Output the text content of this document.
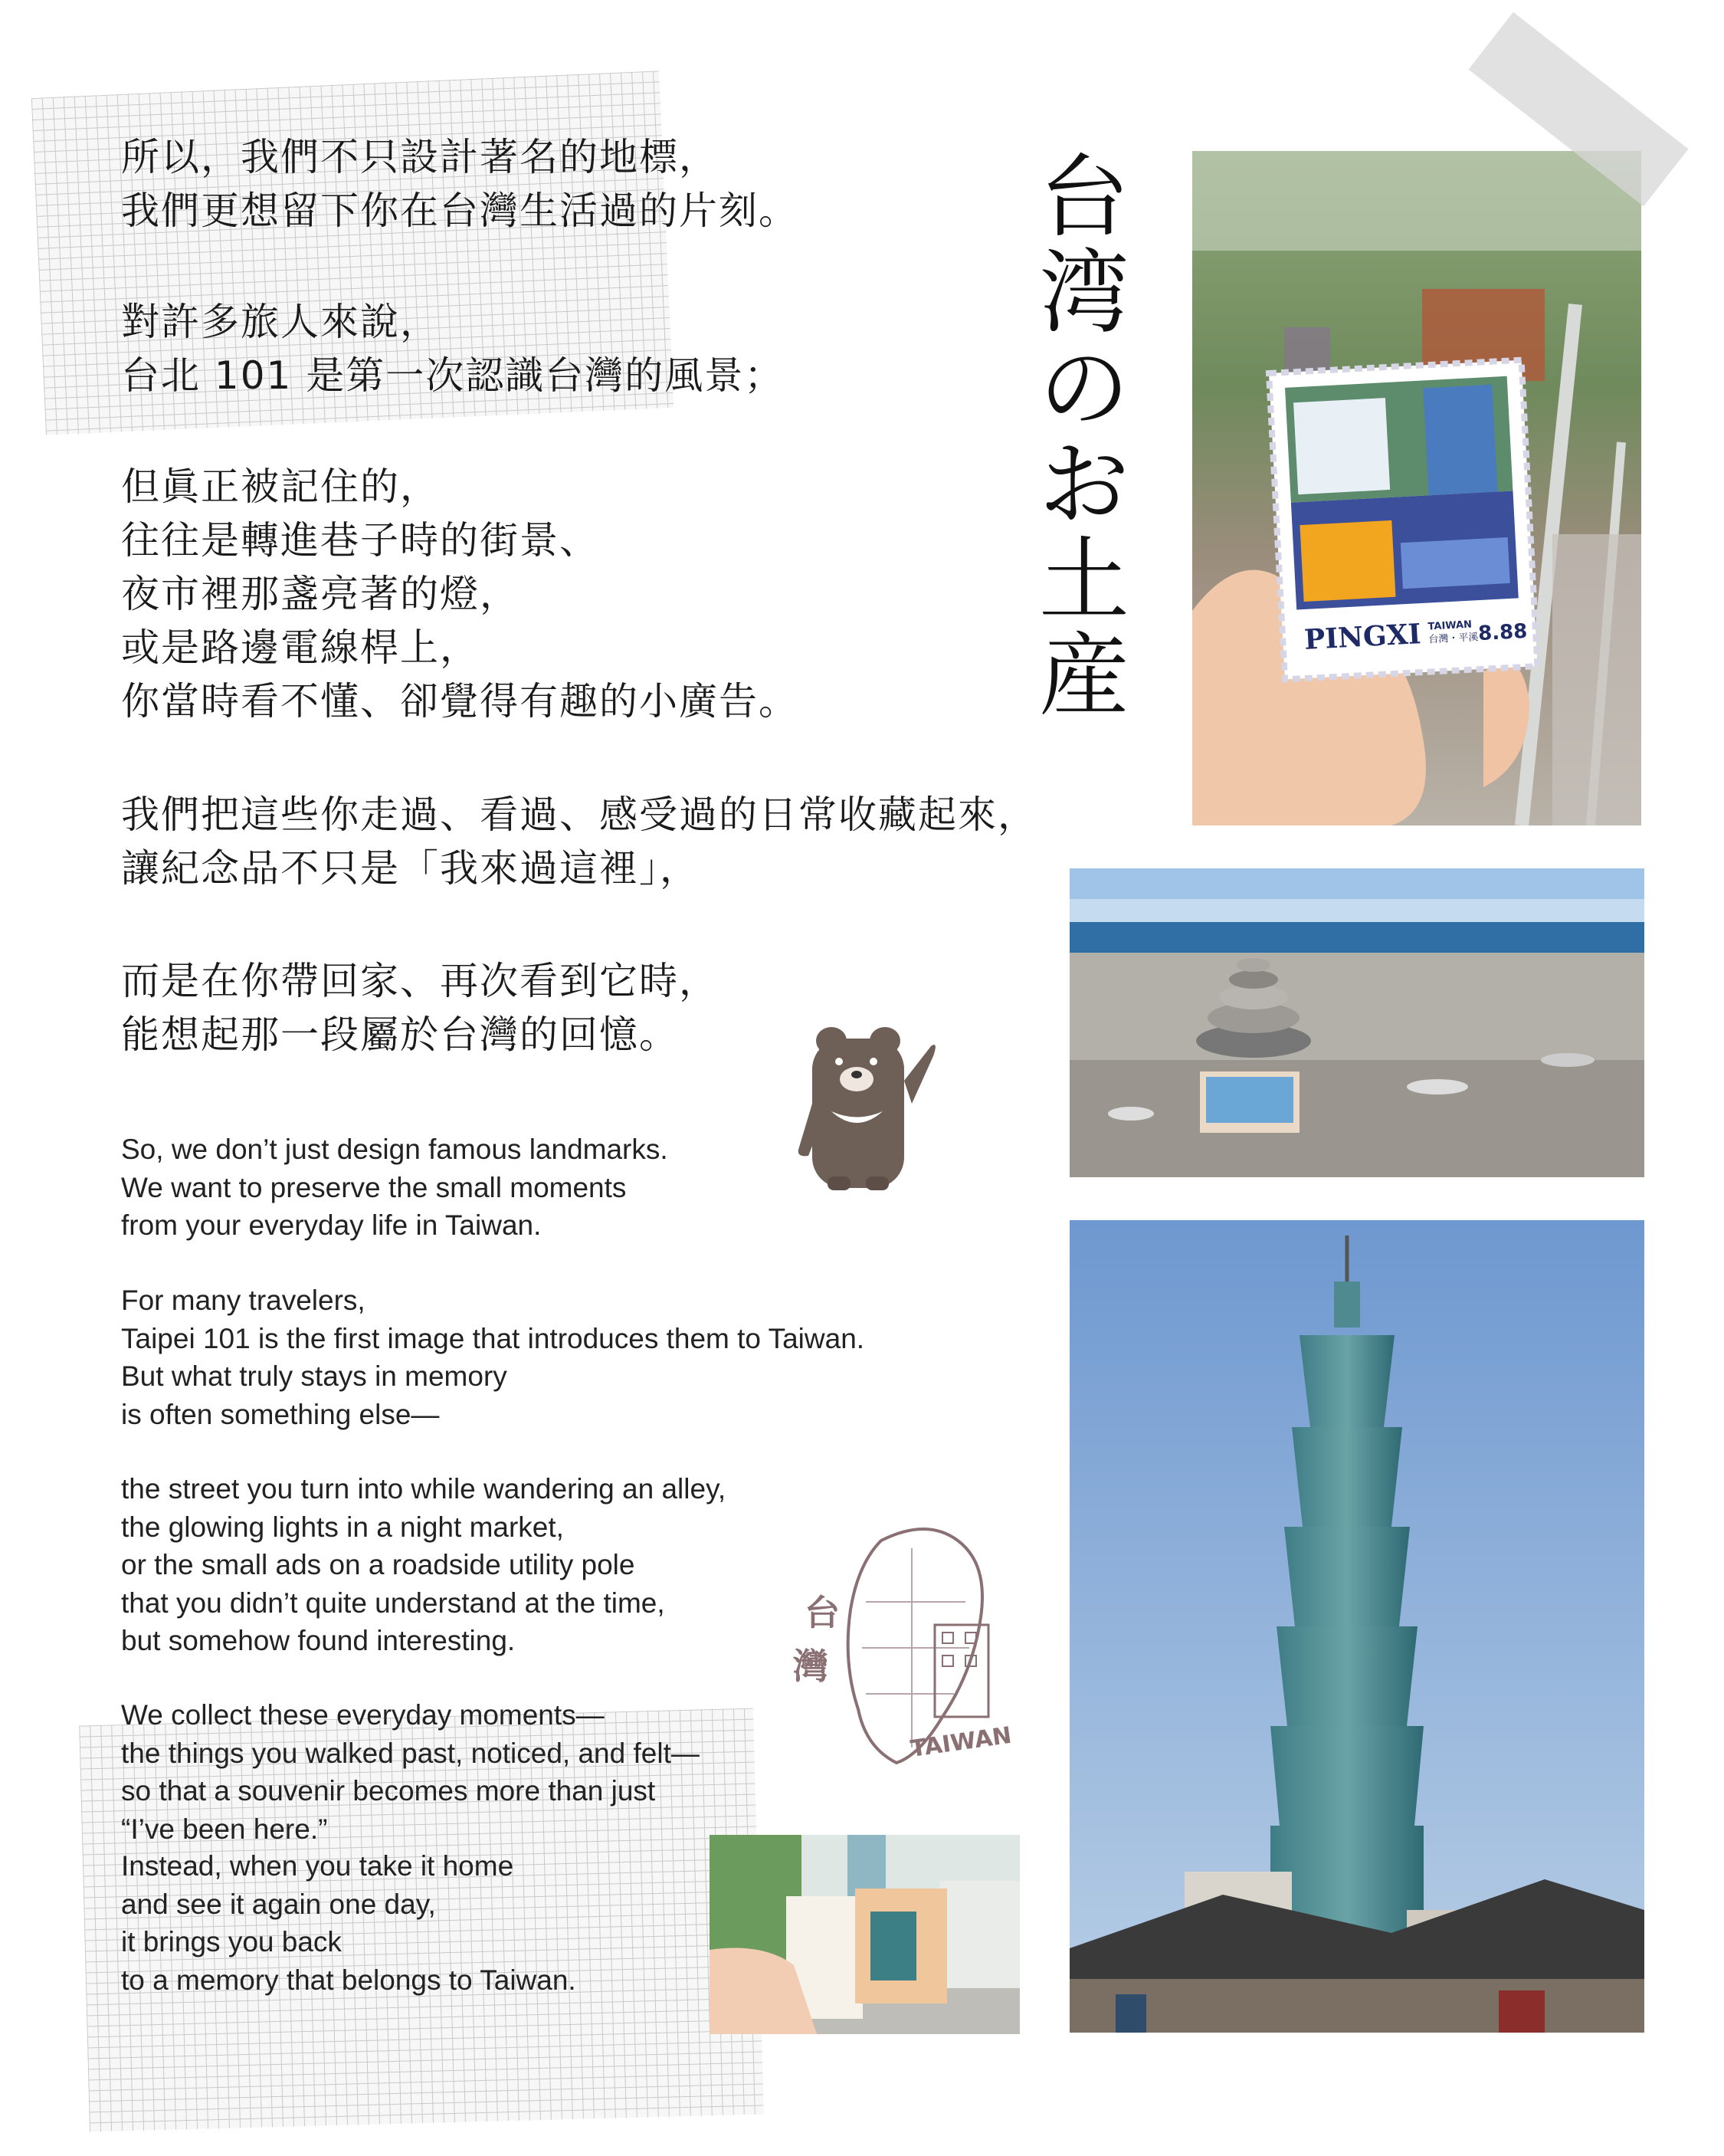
所以，我們不只設計著名的地標，
我們更想留下你在台灣生活過的片刻。
對許多旅人來說，
台北 101 是第一次認識台灣的風景；
但眞正被記住的，
往往是轉進巷子時的街景、
夜市裡那盞亮著的燈，
或是路邊電線桿上，
你當時看不懂、卻覺得有趣的小廣告。
我們把這些你走過、看過、感受過的日常收藏起來，
讓紀念品不只是「我來過這裡」，
而是在你帶回家、再次看到它時，
能想起那一段屬於台灣的回憶。
台
湾
の
お
土
産
So, we don’t just design famous landmarks.
We want to preserve the small moments
from your everyday life in Taiwan.
For many travelers,
Taipei 101 is the first image that introduces them to Taiwan.
But what truly stays in memory
is often something else—
the street you turn into while wandering an alley,
the glowing lights in a night market,
or the small ads on a roadside utility pole
that you didn’t quite understand at the time,
but somehow found interesting.
We collect these everyday moments—
the things you walked past, noticed, and felt—
so that a souvenir becomes more than just
“I’ve been here.”
Instead, when you take it home
and see it again one day,
it brings you back
to a memory that belongs to Taiwan.
PINGXI TAIWAN
台灣・平溪
8.88
台
灣
TAIWAN
